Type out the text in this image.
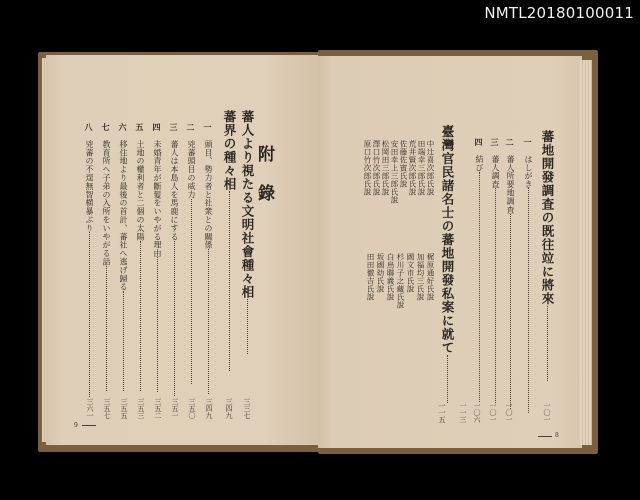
NMTL20180100011
附錄
蕃人より視たる文明社會種々相
三三七
蕃界の種々相
三四九
一　頭目、勢力者と社衆との關係
三四九
二　兇蕃頭目の威力
三五〇
三　蕃人は本島人を馬鹿にする
三五一
四　未婚青年が斷髮をいやがる理由
三五二
五　土地の權利者と二個の太陽
三五三
六　移住地より最後の首計、蕃社へ逃げ歸る
三五五
七　教育所へ子弟の入所をいやがる話
三五七
八　兇蕃の不逞無智横暴ぶり
三六一
9
蕃地開發調査の既往竝に將來
一〇一
一　はしがき
一〇一
二　蕃人所要地調査
一〇一
三　蕃人調査
一〇六
四　結び
一一三
臺灣官民諸名士の蕃地開發私案に就て
一一五
中辻喜次郎氏說
田端幸三郎氏說
荒井賢次郎氏說
佐藤佐賓氏說
安田幸上三郎氏說
松岡田三郎氏說
澤口竹次郎氏說
原口竹次郎氏說
梶原通好氏說
加福均三氏說
國文市氏說
杉川子之藏氏說
白鳥聯義氏說
坂國幼氏說
田田徹吉氏說
8
